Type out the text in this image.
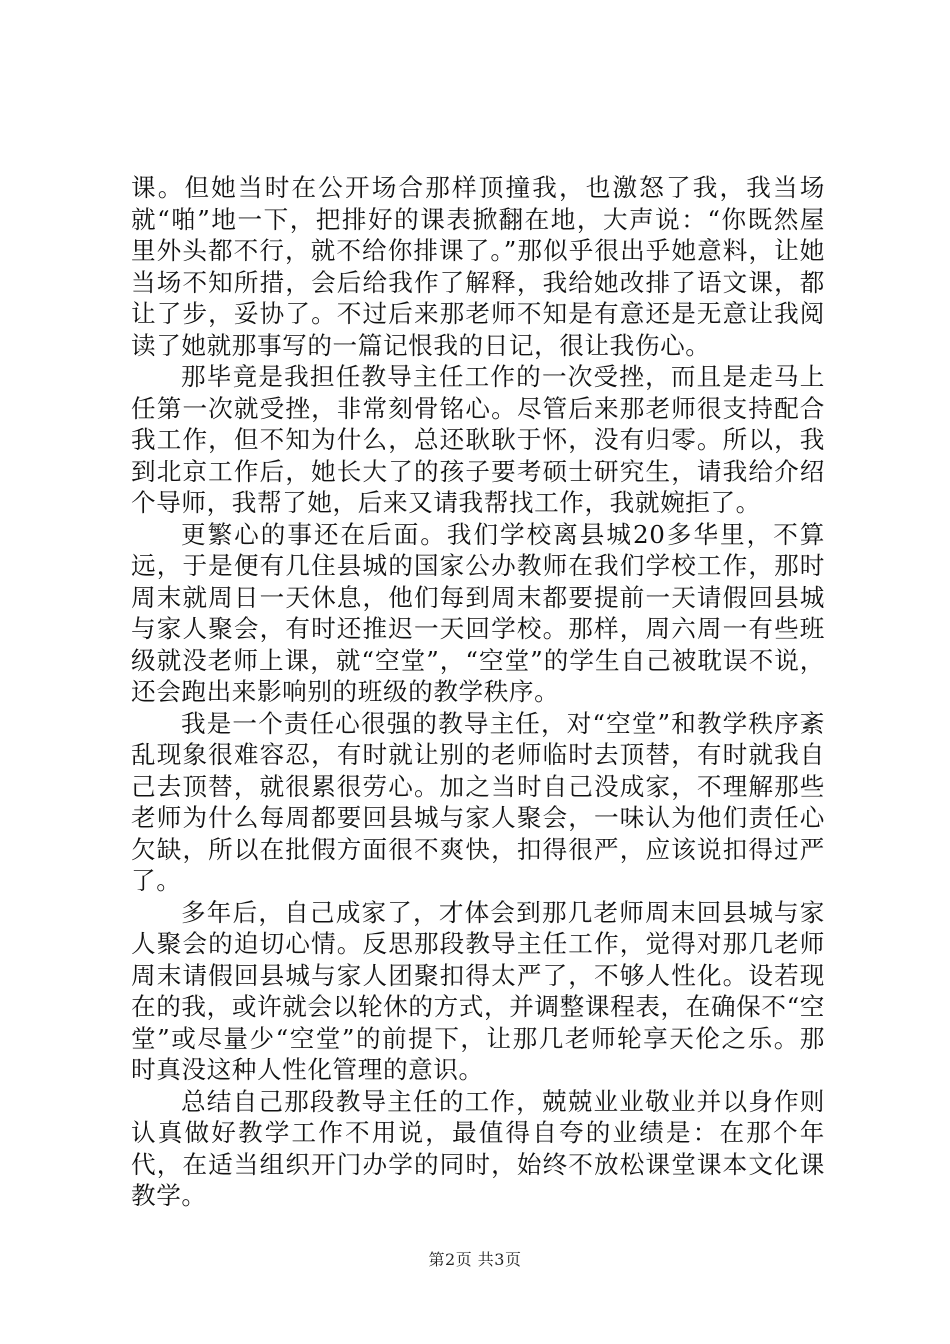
课。但她当时在公开场合那样顶撞我，也激怒了我，我当场就“啪”地一下，把排好的课表掀翻在地，大声说：“你既然屋里外头都不行，就不给你排课了。”那似乎很出乎她意料，让她当场不知所措，会后给我作了解释，我给她改排了语文课，都让了步，妥协了。不过后来那老师不知是有意还是无意让我阅读了她就那事写的一篇记恨我的日记，很让我伤心。

那毕竟是我担任教导主任工作的一次受挫，而且是走马上任第一次就受挫，非常刻骨铭心。尽管后来那老师很支持配合我工作，但不知为什么，总还耿耿于怀，没有归零。所以，我到北京工作后，她长大了的孩子要考硕士研究生，请我给介绍个导师，我帮了她，后来又请我帮找工作，我就婉拒了。

更繁心的事还在后面。我们学校离县城20多华里，不算远，于是便有几住县城的国家公办教师在我们学校工作，那时周末就周日一天休息，他们每到周末都要提前一天请假回县城与家人聚会，有时还推迟一天回学校。那样，周六周一有些班级就没老师上课，就“空堂”，“空堂”的学生自己被耽误不说，还会跑出来影响别的班级的教学秩序。

我是一个责任心很强的教导主任，对“空堂”和教学秩序紊乱现象很难容忍，有时就让别的老师临时去顶替，有时就我自己去顶替，就很累很劳心。加之当时自己没成家，不理解那些老师为什么每周都要回县城与家人聚会，一味认为他们责任心欠缺，所以在批假方面很不爽快，扣得很严，应该说扣得过严了。

多年后，自己成家了，才体会到那几老师周末回县城与家人聚会的迫切心情。反思那段教导主任工作，觉得对那几老师周末请假回县城与家人团聚扣得太严了，不够人性化。设若现在的我，或许就会以轮休的方式，并调整课程表，在确保不“空堂”或尽量少“空堂”的前提下，让那几老师轮享天伦之乐。那时真没这种人性化管理的意识。

总结自己那段教导主任的工作，兢兢业业敬业并以身作则认真做好教学工作不用说，最值得自夸的业绩是：在那个年代，在适当组织开门办学的同时，始终不放松课堂课本文化课教学。

第2页 共3页
